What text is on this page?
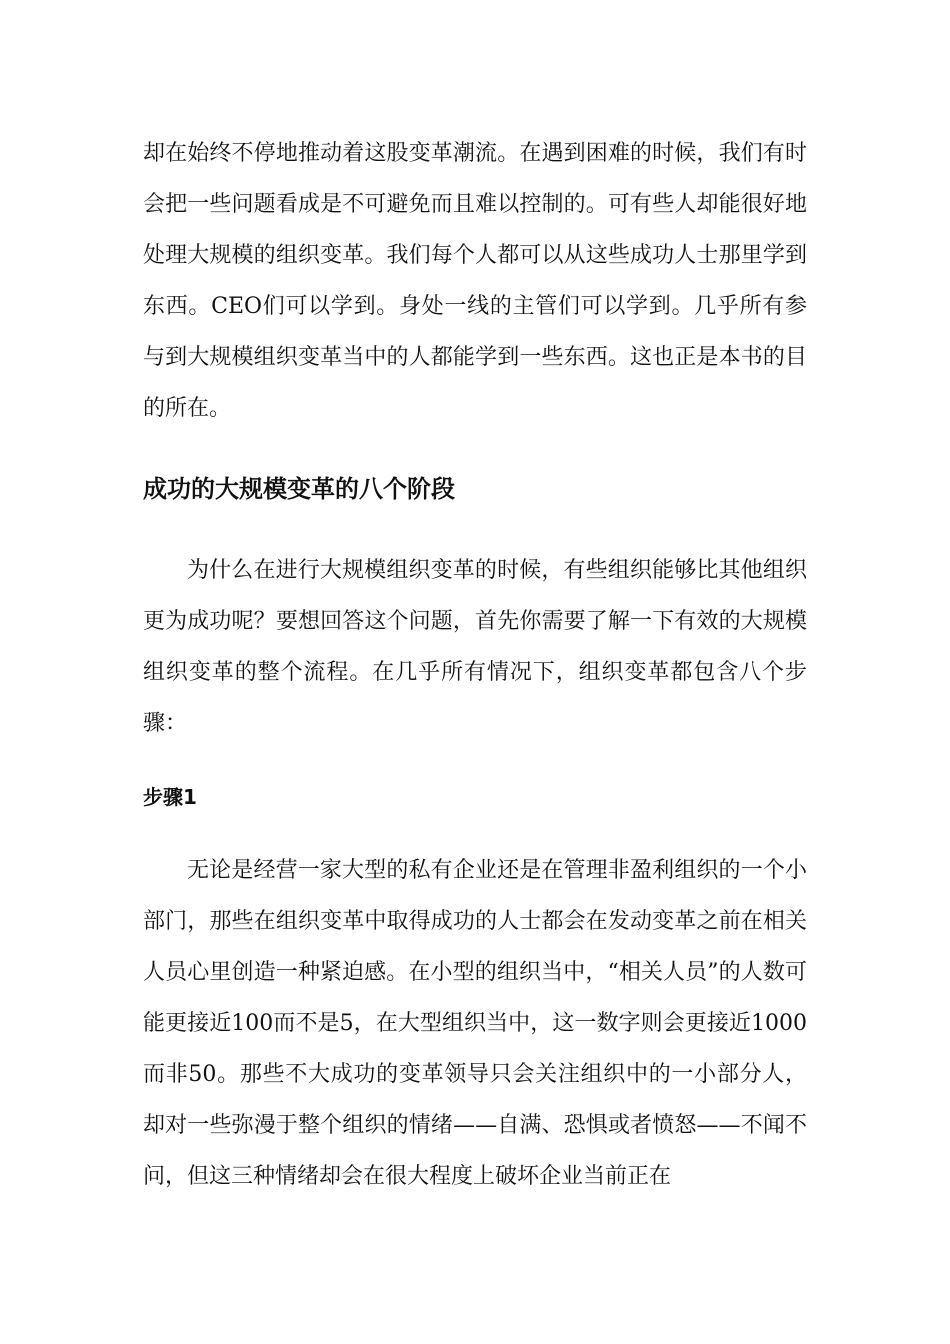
却在始终不停地推动着这股变革潮流。在遇到困难的时候，我们有时会把一些问题看成是不可避免而且难以控制的。可有些人却能很好地处理大规模的组织变革。我们每个人都可以从这些成功人士那里学到东西。CEO们可以学到。身处一线的主管们可以学到。几乎所有参与到大规模组织变革当中的人都能学到一些东西。这也正是本书的目的所在。

成功的大规模变革的八个阶段

为什么在进行大规模组织变革的时候，有些组织能够比其他组织更为成功呢？要想回答这个问题，首先你需要了解一下有效的大规模组织变革的整个流程。在几乎所有情况下，组织变革都包含八个步骤：

步骤1

无论是经营一家大型的私有企业还是在管理非盈利组织的一个小部门，那些在组织变革中取得成功的人士都会在发动变革之前在相关人员心里创造一种紧迫感。在小型的组织当中，“相关人员”的人数可能更接近100而不是5，在大型组织当中，这一数字则会更接近1000而非50。那些不大成功的变革领导只会关注组织中的一小部分人，却对一些弥漫于整个组织的情绪——自满、恐惧或者愤怒——不闻不问，但这三种情绪却会在很大程度上破坏企业当前正在
